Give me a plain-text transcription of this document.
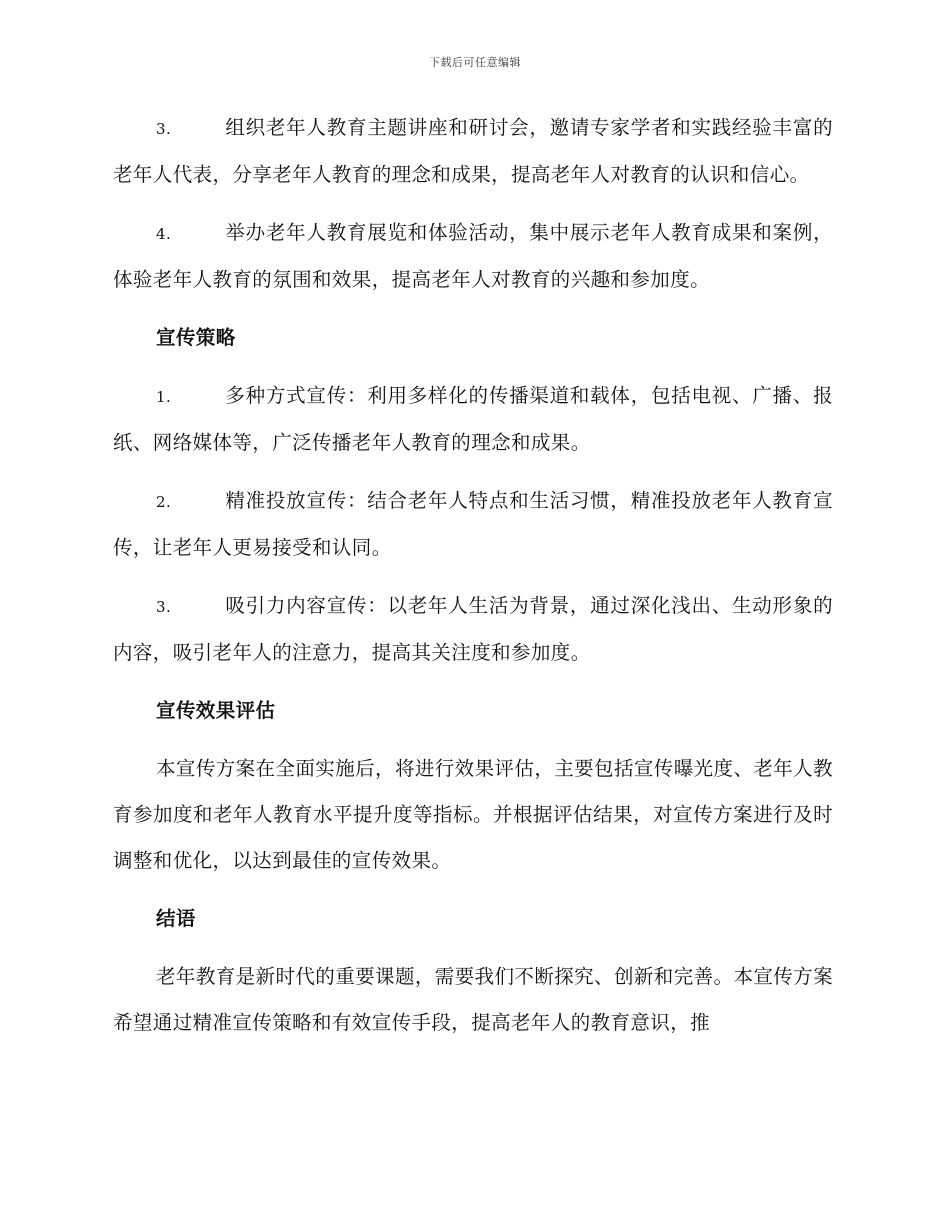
下载后可任意编辑

3.	组织老年人教育主题讲座和研讨会，邀请专家学者和实践经验丰富的老年人代表，分享老年人教育的理念和成果，提高老年人对教育的认识和信心。

4.	举办老年人教育展览和体验活动，集中展示老年人教育成果和案例，体验老年人教育的氛围和效果，提高老年人对教育的兴趣和参加度。

宣传策略

1.	多种方式宣传：利用多样化的传播渠道和载体，包括电视、广播、报纸、网络媒体等，广泛传播老年人教育的理念和成果。

2.	精准投放宣传：结合老年人特点和生活习惯，精准投放老年人教育宣传，让老年人更易接受和认同。

3.	吸引力内容宣传：以老年人生活为背景，通过深化浅出、生动形象的内容，吸引老年人的注意力，提高其关注度和参加度。

宣传效果评估

本宣传方案在全面实施后，将进行效果评估，主要包括宣传曝光度、老年人教育参加度和老年人教育水平提升度等指标。并根据评估结果，对宣传方案进行及时调整和优化，以达到最佳的宣传效果。

结语

老年教育是新时代的重要课题，需要我们不断探究、创新和完善。本宣传方案希望通过精准宣传策略和有效宣传手段，提高老年人的教育意识，推
